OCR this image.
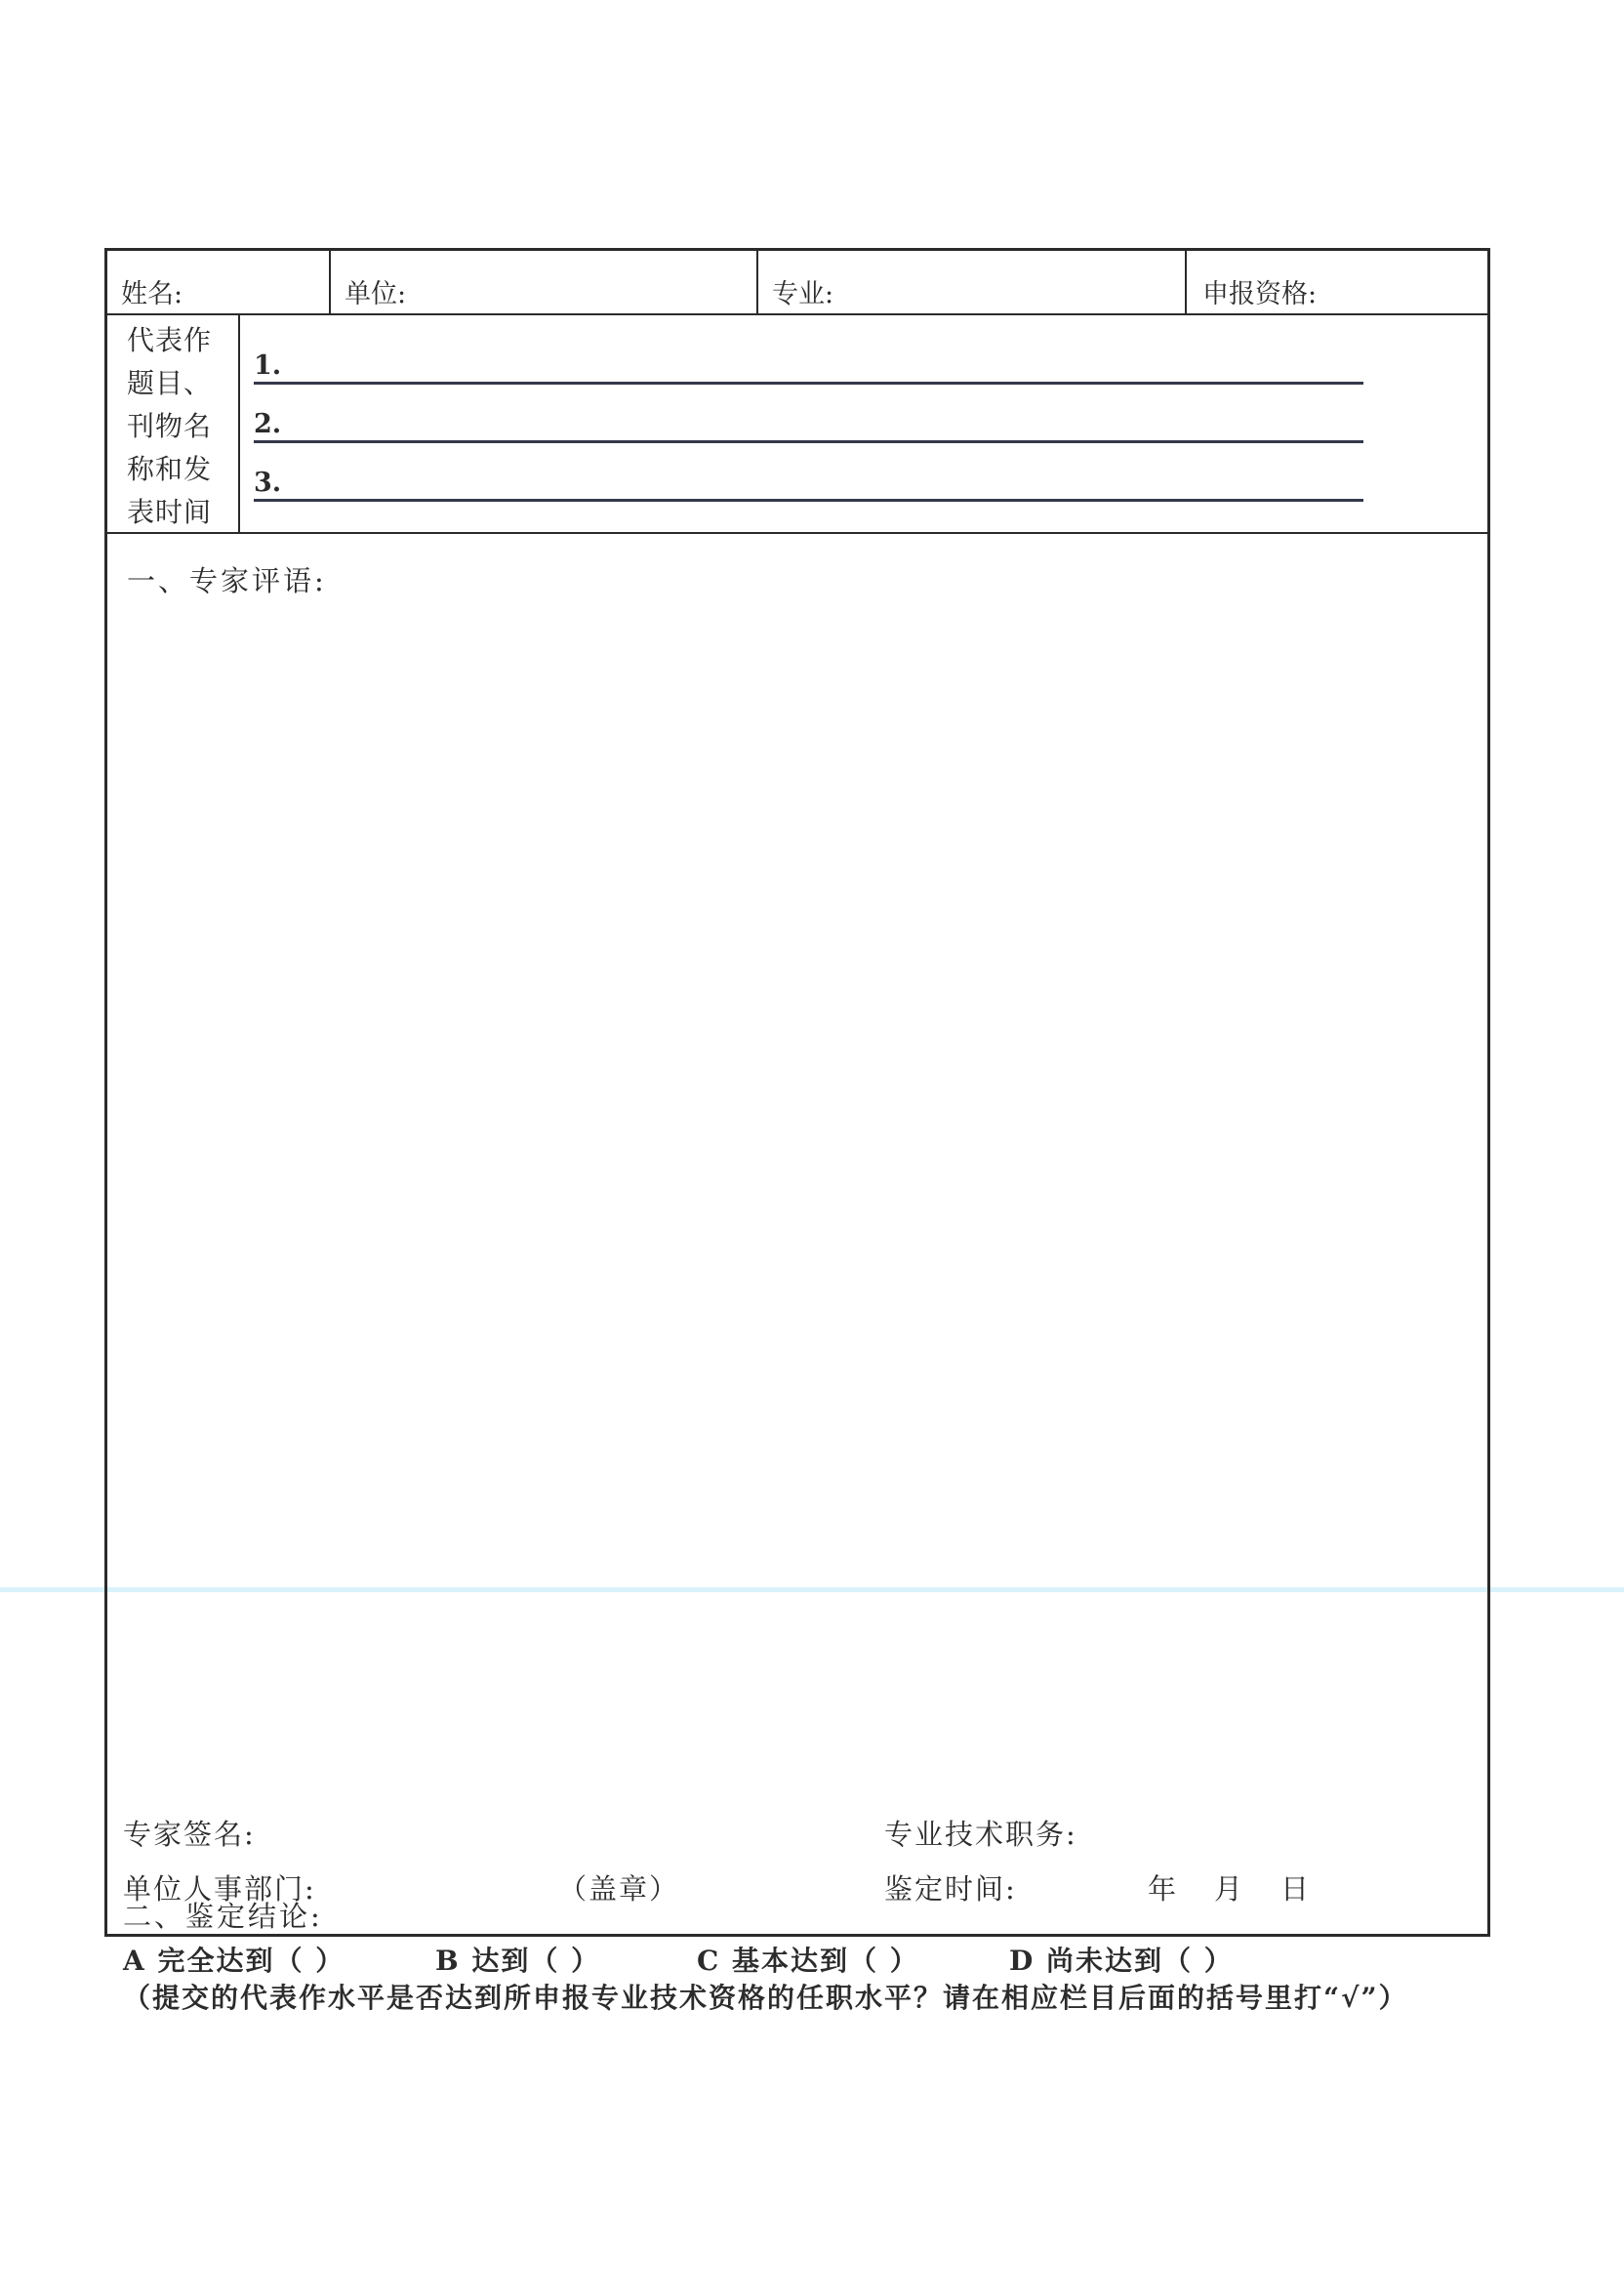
姓名:	单位:	专业:	申报资格:
代表作
题目、
刊物名
称和发
表时间
1.
2.
3.
一、专家评语:
二、鉴定结论:
A 完全达到（ ）	B 达到（ ）	C 基本达到（ ）	D 尚未达到（ ）
（提交的代表作水平是否达到所申报专业技术资格的任职水平？请在相应栏目后面的括号里打“√”）
专家签名:	专业技术职务:
单位人事部门:	（盖章）	鉴定时间:	年 月 日
